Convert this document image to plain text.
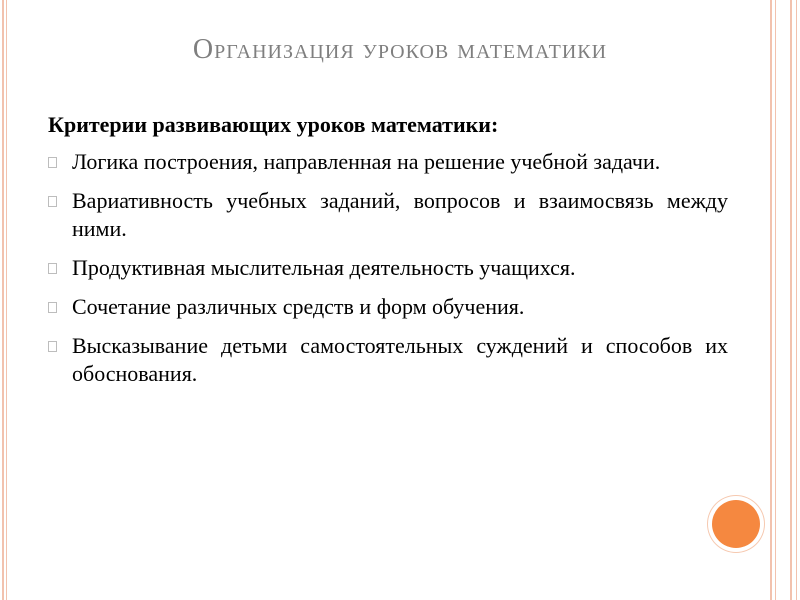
Организация уроков математики
Критерии развивающих уроков математики:
Логика построения, направленная на решение учебной задачи.
Вариативность учебных заданий, вопросов и взаимосвязь между ними.
Продуктивная мыслительная деятельность учащихся.
Сочетание различных средств и форм обучения.
Высказывание детьми самостоятельных суждений и способов их обоснования.
